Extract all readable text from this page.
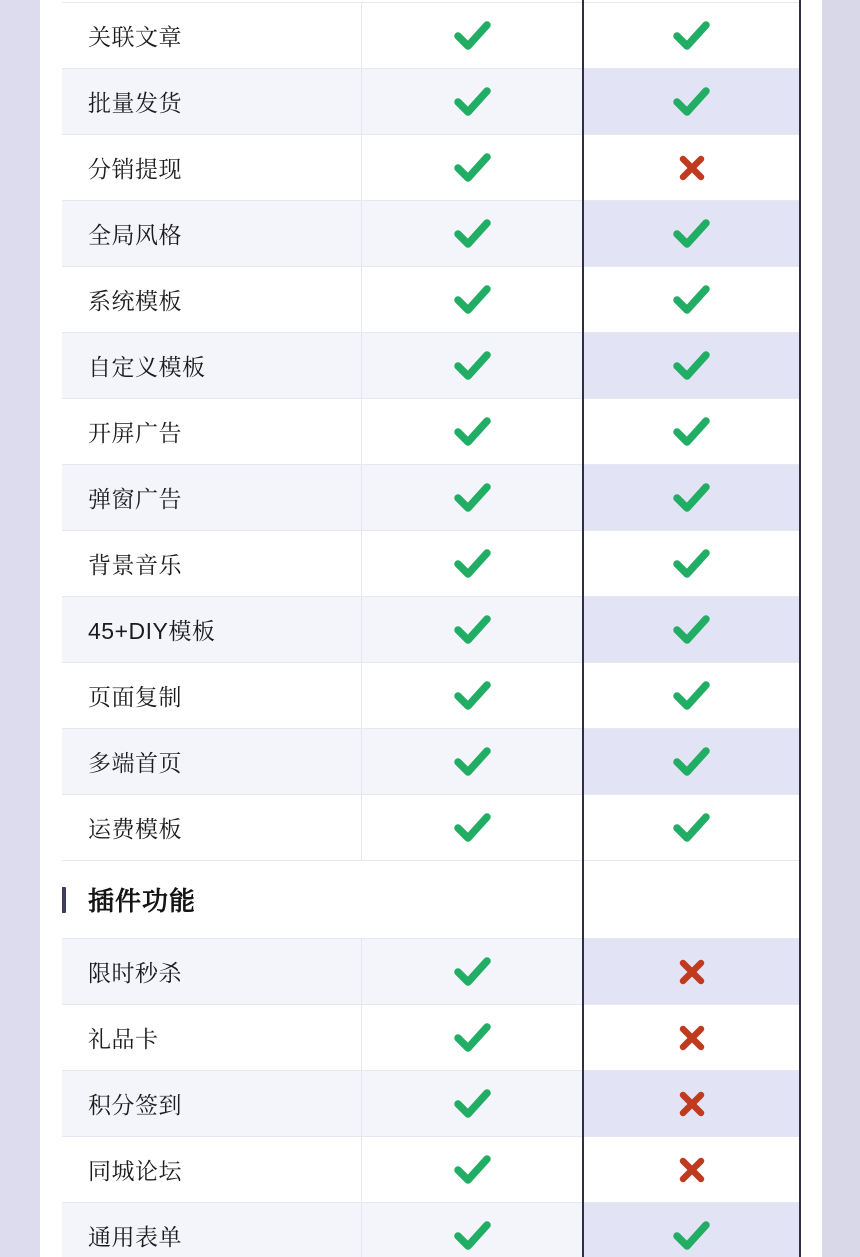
关联文章
批量发货
分销提现
全局风格
系统模板
自定义模板
开屏广告
弹窗广告
背景音乐
45+DIY模板
页面复制
多端首页
运费模板
插件功能
限时秒杀
礼品卡
积分签到
同城论坛
通用表单
